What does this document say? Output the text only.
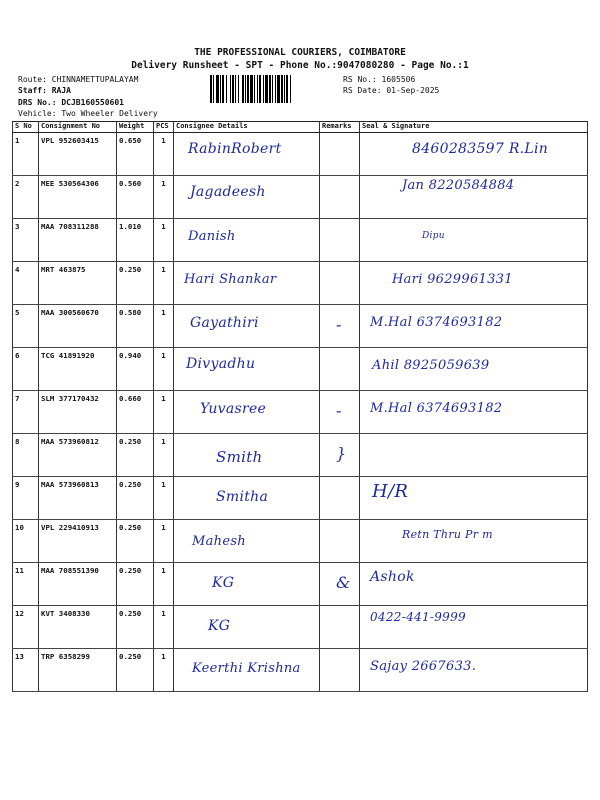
THE PROFESSIONAL COURIERS, COIMBATORE
Delivery Runsheet - SPT - Phone No.:9047080280 - Page No.:1
Route: CHINNAMETTUPALAYAM
Staff: RAJA
DRS No.: DCJB160550601
Vehicle: Two Wheeler Delivery
RS No.: 1605506
RS Date: 01-Sep-2025
S No	Consignment No	Weight	PCS	Consignee Details	Remarks	Seal & Signature
1	VPL 952603415	0.650	1	RabinRobert		8460283597 R.Lin

2	MEE 530564306	0.560	1	Jagadeesh		Jan 8220584884

3	MAA 708311288	1.010	1	Danish		Dipu

4	MRT 463875	0.250	1	Hari Shankar		Hari 9629961331

5	MAA 300560670	0.580	1	Gayathiri	-	M.Hal 6374693182

6	TCG 41891920	0.940	1	Divyadhu		Ahil 8925059639

7	SLM 377170432	0.660	1	Yuvasree	-	M.Hal 6374693182

8	MAA 573960812	0.250	1	Smith	}	

9	MAA 573960813	0.250	1	Smitha		H/R

10	VPL 229410913	0.250	1	Mahesh		Retn Thru Pr m

11	MAA 708551390	0.250	1	KG	&	Ashok

12	KVT 3408330	0.250	1	KG		0422-441-9999

13	TRP 6358299	0.250	1	Keerthi Krishna		Sajay 2667633.
